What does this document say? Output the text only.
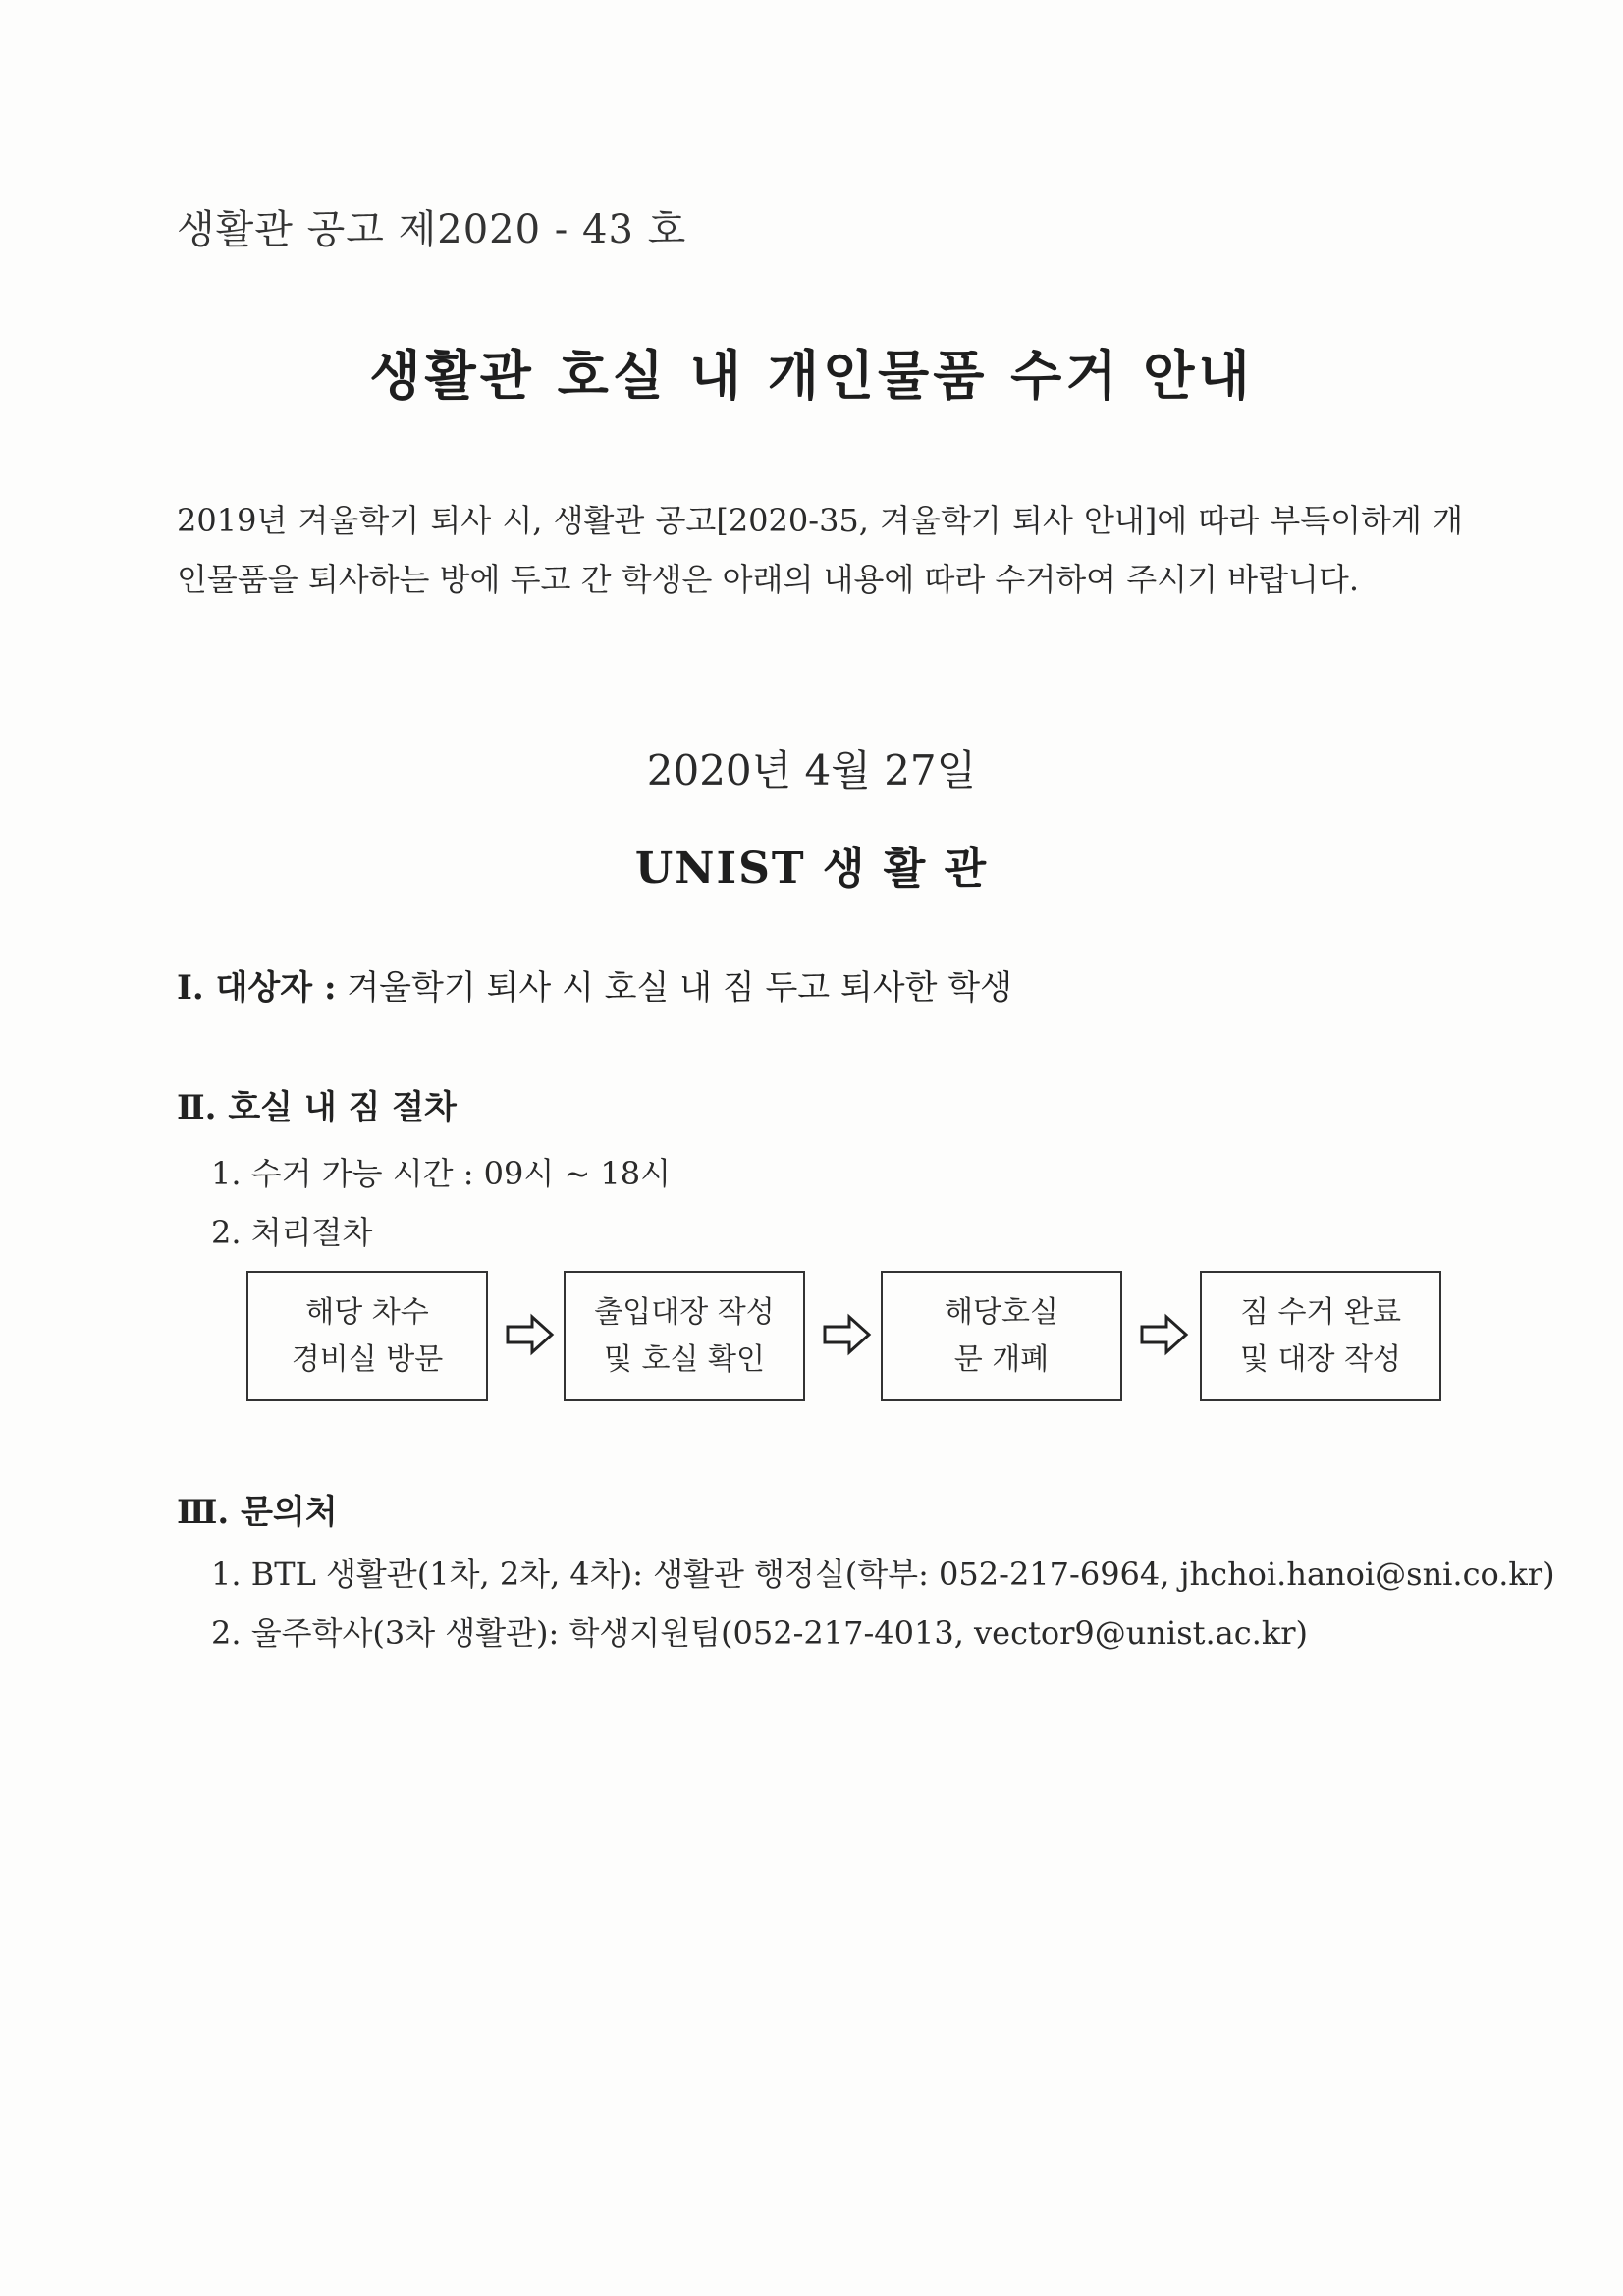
생활관 공고 제2020 - 43 호
생활관 호실 내 개인물품 수거 안내
2019년 겨울학기 퇴사 시, 생활관 공고[2020-35, 겨울학기 퇴사 안내]에 따라 부득이하게 개인물품을 퇴사하는 방에 두고 간 학생은 아래의 내용에 따라 수거하여 주시기 바랍니다.
2020년 4월 27일
UNIST 생 활 관
Ⅰ. 대상자 : 겨울학기 퇴사 시 호실 내 짐 두고 퇴사한 학생
Ⅱ. 호실 내 짐 절차
1. 수거 가능 시간 : 09시 ~ 18시
2. 처리절차
해당 차수
경비실 방문
출입대장 작성
및 호실 확인
해당호실
문 개폐
짐 수거 완료
및 대장 작성
Ⅲ. 문의처
1. BTL 생활관(1차, 2차, 4차): 생활관 행정실(학부: 052-217-6964, jhchoi.hanoi@sni.co.kr)
2. 울주학사(3차 생활관): 학생지원팀(052-217-4013, vector9@unist.ac.kr)
